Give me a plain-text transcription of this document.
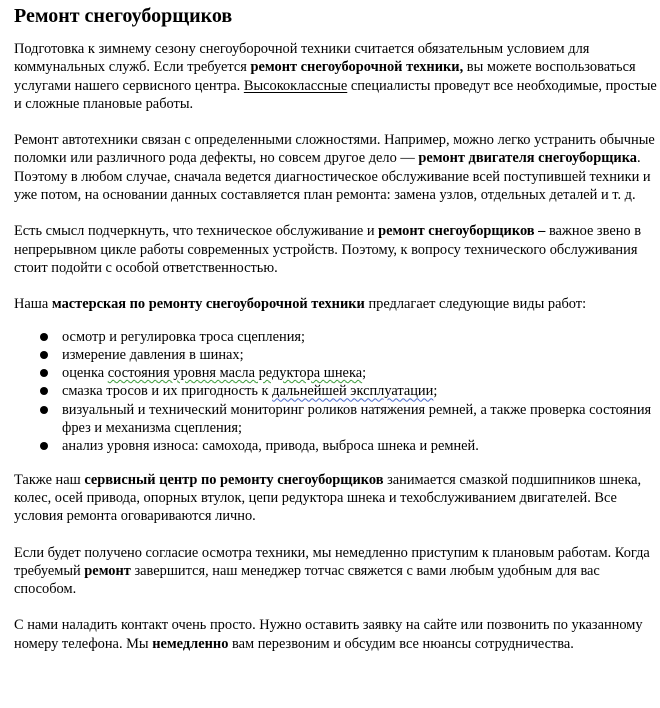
Ремонт снегоуборщиков

Подготовка к зимнему сезону снегоуборочной техники считается обязательным условием для коммунальных служб. Если требуется ремонт снегоуборочной техники, вы можете воспользоваться услугами нашего сервисного центра. Высококлассные специалисты проведут все необходимые, простые и сложные плановые работы.

Ремонт автотехники связан с определенными сложностями. Например, можно легко устранить обычные поломки или различного рода дефекты, но совсем другое дело — ремонт двигателя снегоуборщика. Поэтому в любом случае, сначала ведется диагностическое обслуживание всей поступившей техники и уже потом, на основании данных составляется план ремонта: замена узлов, отдельных деталей и т. д.

Есть смысл подчеркнуть, что техническое обслуживание и ремонт снегоуборщиков – важное звено в непрерывном цикле работы современных устройств. Поэтому, к вопросу технического обслуживания стоит подойти с особой ответственностью.

Наша мастерская по ремонту снегоуборочной техники предлагает следующие виды работ:

осмотр и регулировка троса сцепления;
измерение давления в шинах;
оценка состояния уровня масла редуктора шнека;
смазка тросов и их пригодность к дальнейшей эксплуатации;
визуальный и технический мониторинг роликов натяжения ремней, а также проверка состояния фрез и механизма сцепления;
анализ уровня износа: самохода, привода, выброса шнека и ремней.

Также наш сервисный центр по ремонту снегоуборщиков занимается смазкой подшипников шнека, колес, осей привода, опорных втулок, цепи редуктора шнека и техобслуживанием двигателей. Все условия ремонта оговариваются лично.

Если будет получено согласие осмотра техники, мы немедленно приступим к плановым работам. Когда требуемый ремонт завершится, наш менеджер тотчас свяжется с вами любым удобным для вас способом.

С нами наладить контакт очень просто. Нужно оставить заявку на сайте или позвонить по указанному номеру телефона. Мы немедленно вам перезвоним и обсудим все нюансы сотрудничества.
